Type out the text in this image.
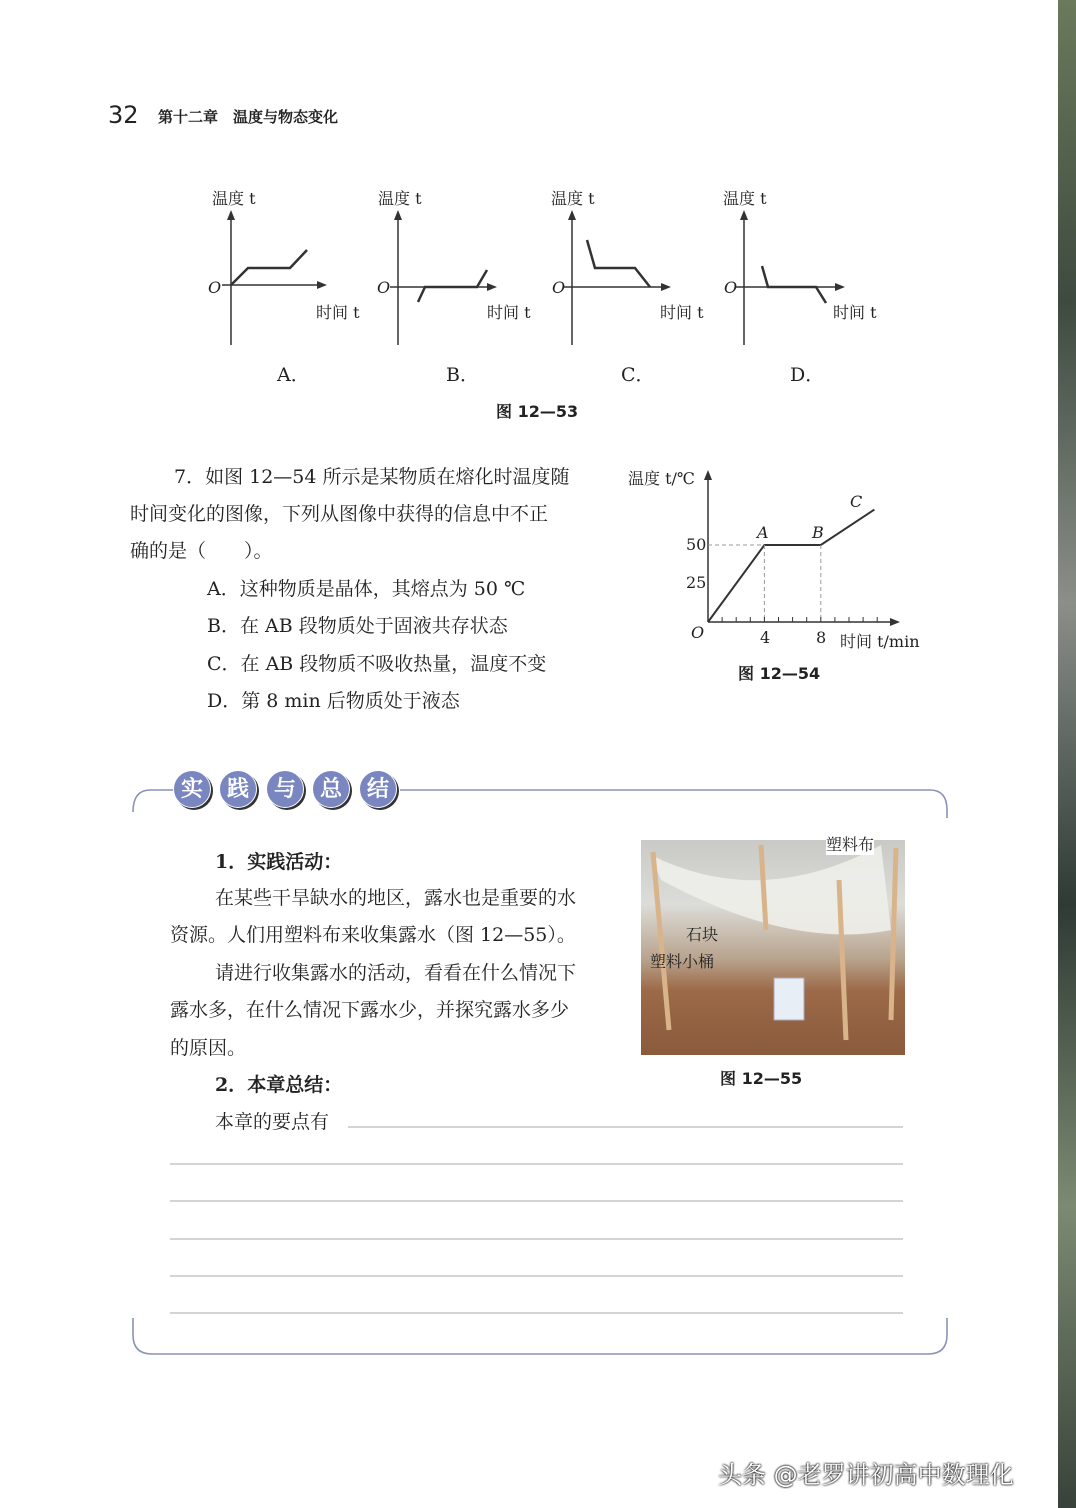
32 第十二章　温度与物态变化
温度 t	温度 t	温度 t	温度 t
O	O	O	O
时间 t	时间 t	时间 t	时间 t
A．	B．	C．	D．
图 12—53
7．如图 12—54 所示是某物质在熔化时温度随
时间变化的图像，下列从图像中获得的信息中不正
确的是（　　）。
A．这种物质是晶体，其熔点为 50 ℃
B．在 AB 段物质处于固液共存状态
C．在 AB 段物质不吸收热量，温度不变
D．第 8 min 后物质处于液态
温度 t/℃
时间 t/min
O
50
25
4	8
A	B
C
图 12—54
实	践	与	总	结
1．实践活动：
在某些干旱缺水的地区，露水也是重要的水
资源。人们用塑料布来收集露水（图 12—55）。
请进行收集露水的活动，看看在什么情况下
露水多，在什么情况下露水少，并探究露水多少
的原因。
2．本章总结：
本章的要点有
塑料布
石块
塑料小桶
图 12—55
头条 @老罗讲初高中数理化
